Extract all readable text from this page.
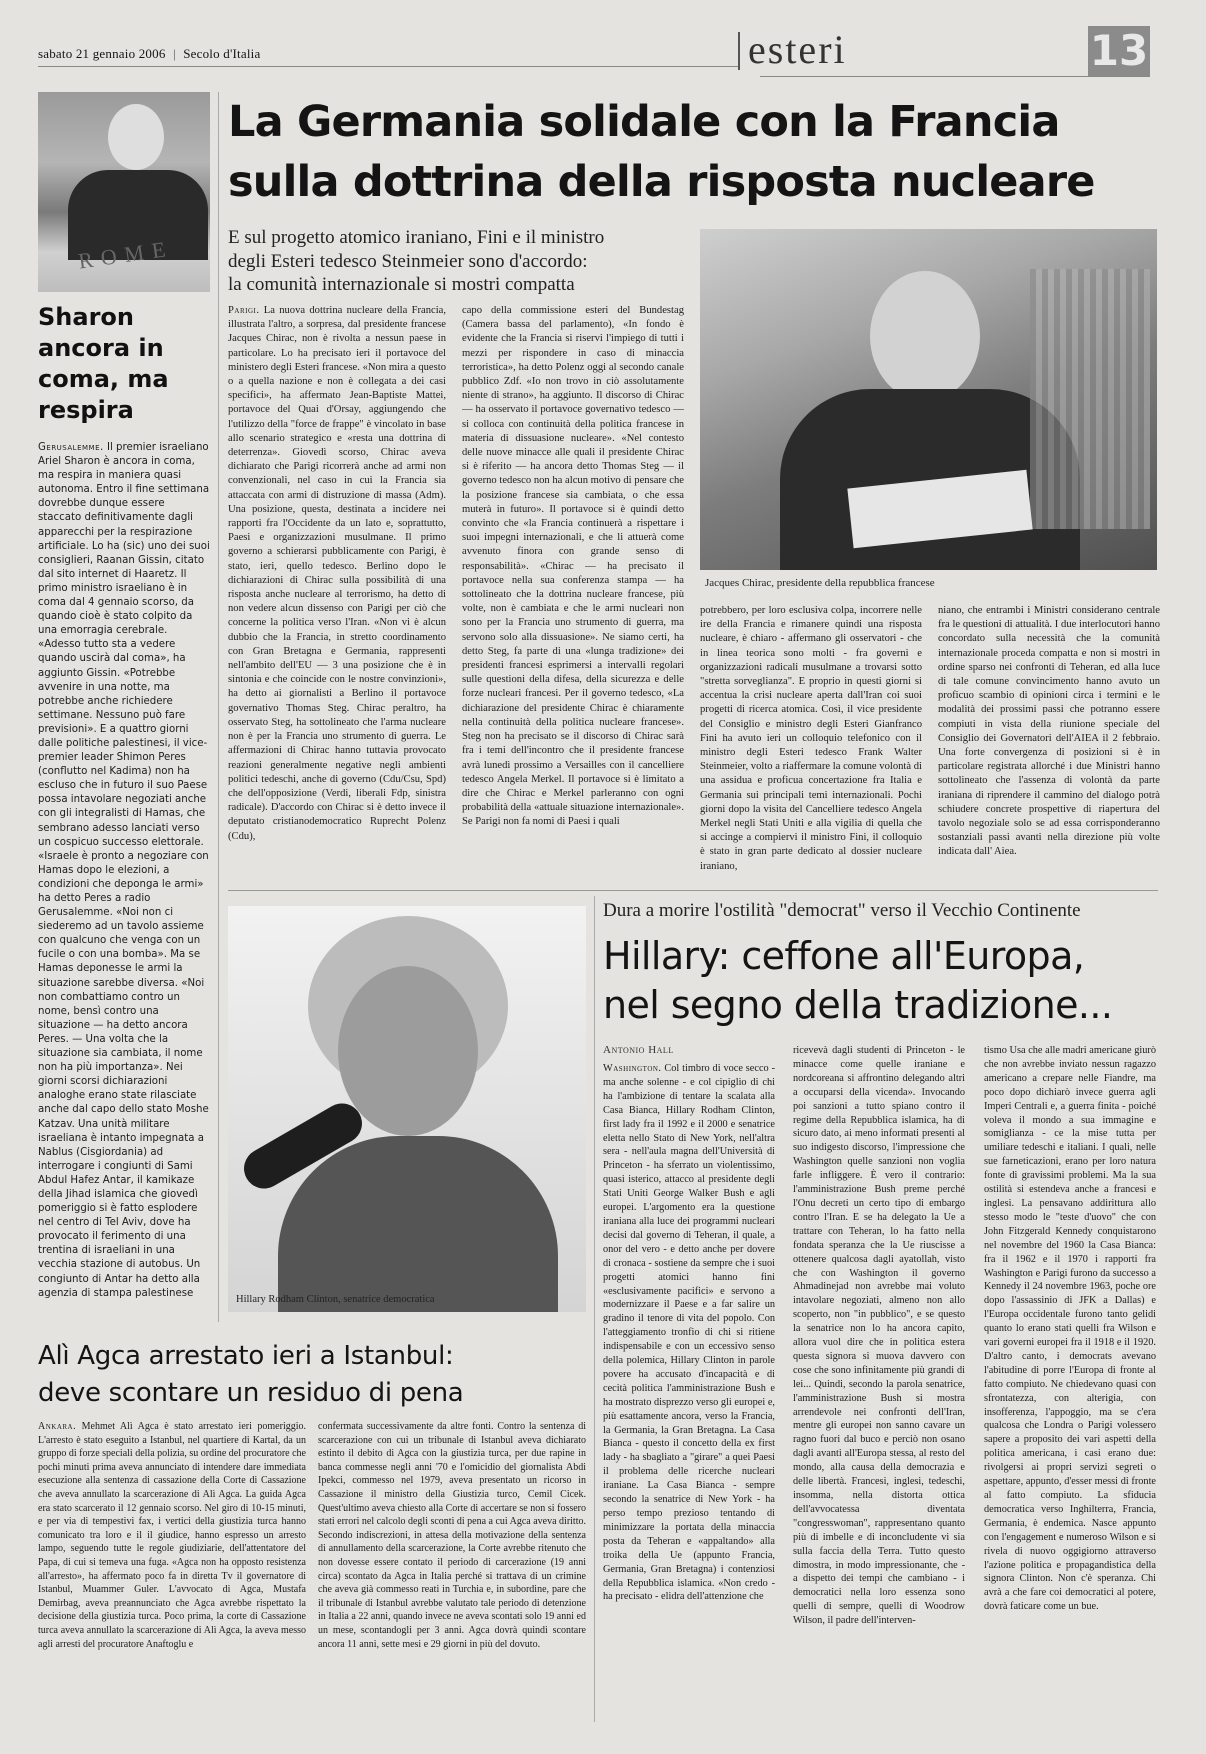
sabato 21 gennaio 2006 | Secolo d'Italia	esteri	13
ROME
Sharon ancora in coma, ma respira

Gerusalemme. Il premier israeliano Ariel Sharon è ancora in coma, ma respira in maniera quasi autonoma. Entro il fine settimana dovrebbe dunque essere staccato definitivamente dagli apparecchi per la respirazione artificiale. Lo ha (sic) uno dei suoi consiglieri, Raanan Gissin, citato dal sito internet di Haaretz. Il primo ministro israeliano è in coma dal 4 gennaio scorso, da quando cioè è stato colpito da una emorragia cerebrale. «Adesso tutto sta a vedere quando uscirà dal coma», ha aggiunto Gissin. «Potrebbe avvenire in una notte, ma potrebbe anche richiedere settimane. Nessuno può fare previsioni». E a quattro giorni dalle politiche palestinesi, il vice-premier leader Shimon Peres (conflutto nel Kadima) non ha escluso che in futuro il suo Paese possa intavolare negoziati anche con gli integralisti di Hamas, che sembrano adesso lanciati verso un cospicuo successo elettorale. «Israele è pronto a negoziare con Hamas dopo le elezioni, a condizioni che deponga le armi» ha detto Peres a radio Gerusalemme. «Noi non ci siederemo ad un tavolo assieme con qualcuno che venga con un fucile o con una bomba». Ma se Hamas deponesse le armi la situazione sarebbe diversa. «Noi non combattiamo contro un nome, bensì contro una situazione — ha detto ancora Peres. — Una volta che la situazione sia cambiata, il nome non ha più importanza». Nei giorni scorsi dichiarazioni analoghe erano state rilasciate anche dal capo dello stato Moshe Katzav. Una unità militare israeliana è intanto impegnata a Nablus (Cisgiordania) ad interrogare i congiunti di Sami Abdul Hafez Antar, il kamikaze della Jihad islamica che giovedì pomeriggio si è fatto esplodere nel centro di Tel Aviv, dove ha provocato il ferimento di una trentina di israeliani in una vecchia stazione di autobus. Un congiunto di Antar ha detto alla agenzia di stampa palestinese

La Germania solidale con la Francia
sulla dottrina della risposta nucleare
E sul progetto atomico iraniano, Fini e il ministro
degli Esteri tedesco Steinmeier sono d'accordo:
la comunità internazionale si mostri compatta
Jacques Chirac, presidente della repubblica francese

Parigi. La nuova dottrina nucleare della Francia, illustrata l'altro, a sorpresa, dal presidente francese Jacques Chirac, non è rivolta a nessun paese in particolare. Lo ha precisato ieri il portavoce del ministero degli Esteri francese. «Non mira a questo o a quella nazione e non è collegata a dei casi specifici», ha affermato Jean-Baptiste Mattei, portavoce del Quai d'Orsay, aggiungendo che l'utilizzo della "force de frappe" è vincolato in base allo scenario strategico e «resta una dottrina di deterrenza». Giovedì scorso, Chirac aveva dichiarato che Parigi ricorrerà anche ad armi non convenzionali, nel caso in cui la Francia sia attaccata con armi di distruzione di massa (Adm). Una posizione, questa, destinata a incidere nei rapporti fra l'Occidente da un lato e, soprattutto, Paesi e organizzazioni musulmane. Il primo governo a schierarsi pubblicamente con Parigi, è stato, ieri, quello tedesco. Berlino dopo le dichiarazioni di Chirac sulla possibilità di una risposta anche nucleare al terrorismo, ha detto di non vedere alcun dissenso con Parigi per ciò che concerne la politica verso l'Iran. «Non vi è alcun dubbio che la Francia, in stretto coordinamento con Gran Bretagna e Germania, rappresenti nell'ambito dell'EU — 3 una posizione che è in sintonia e che coincide con le nostre convinzioni», ha detto ai giornalisti a Berlino il portavoce governativo Thomas Steg. Chirac peraltro, ha osservato Steg, ha sottolineato che l'arma nucleare non è per la Francia uno strumento di guerra. Le affermazioni di Chirac hanno tuttavia provocato reazioni generalmente negative negli ambienti politici tedeschi, anche di governo (Cdu/Csu, Spd) che dell'opposizione (Verdi, liberali Fdp, sinistra radicale). D'accordo con Chirac si è detto invece il deputato cristianodemocratico Ruprecht Polenz (Cdu),

capo della commissione esteri del Bundestag (Camera bassa del parlamento), «In fondo è evidente che la Francia si riservi l'impiego di tutti i mezzi per rispondere in caso di minaccia terroristica», ha detto Polenz oggi al secondo canale pubblico Zdf. «Io non trovo in ciò assolutamente niente di strano», ha aggiunto. Il discorso di Chirac — ha osservato il portavoce governativo tedesco — si colloca con continuità della politica francese in materia di dissuasione nucleare». «Nel contesto delle nuove minacce alle quali il presidente Chirac si è riferito — ha ancora detto Thomas Steg — il governo tedesco non ha alcun motivo di pensare che la posizione francese sia cambiata, o che essa muterà in futuro». Il portavoce si è quindi detto convinto che «la Francia continuerà a rispettare i suoi impegni internazionali, e che li attuerà come avvenuto finora con grande senso di responsabilità». «Chirac — ha precisato il portavoce nella sua conferenza stampa — ha sottolineato che la dottrina nucleare francese, più volte, non è cambiata e che le armi nucleari non sono per la Francia uno strumento di guerra, ma servono solo alla dissuasione». Ne siamo certi, ha detto Steg, fa parte di una «lunga tradizione» dei presidenti francesi esprimersi a intervalli regolari sulle questioni della difesa, della sicurezza e delle forze nucleari francesi. Per il governo tedesco, «La dichiarazione del presidente Chirac è chiaramente nella continuità della politica nucleare francese». Steg non ha precisato se il discorso di Chirac sarà fra i temi dell'incontro che il presidente francese avrà lunedì prossimo a Versailles con il cancelliere tedesco Angela Merkel. Il portavoce si è limitato a dire che Chirac e Merkel parleranno con ogni probabilità della «attuale situazione internazionale». Se Parigi non fa nomi di Paesi i quali

potrebbero, per loro esclusiva colpa, incorrere nelle ire della Francia e rimanere quindi una risposta nucleare, è chiaro - affermano gli osservatori - che in linea teorica sono molti - fra governi e organizzazioni radicali musulmane a trovarsi sotto "stretta sorveglianza". E proprio in questi giorni si accentua la crisi nucleare aperta dall'Iran coi suoi progetti di ricerca atomica. Così, il vice presidente del Consiglio e ministro degli Esteri Gianfranco Fini ha avuto ieri un colloquio telefonico con il ministro degli Esteri tedesco Frank Walter Steinmeier, volto a riaffermare la comune volontà di una assidua e proficua concertazione fra Italia e Germania sui principali temi internazionali. Pochi giorni dopo la visita del Cancelliere tedesco Angela Merkel negli Stati Uniti e alla vigilia di quella che si accinge a compiervi il ministro Fini, il colloquio è stato in gran parte dedicato al dossier nucleare iraniano,

niano, che entrambi i Ministri considerano centrale fra le questioni di attualità. I due interlocutori hanno concordato sulla necessità che la comunità internazionale proceda compatta e non si mostri in ordine sparso nei confronti di Teheran, ed alla luce di tale comune convincimento hanno avuto un proficuo scambio di opinioni circa i termini e le modalità dei prossimi passi che potranno essere compiuti in vista della riunione speciale del Consiglio dei Governatori dell'AIEA il 2 febbraio. Una forte convergenza di posizioni si è in particolare registrata allorché i due Ministri hanno sottolineato che l'assenza di volontà da parte iraniana di riprendere il cammino del dialogo potrà schiudere concrete prospettive di riapertura del tavolo negoziale solo se ad essa corrisponderanno sostanziali passi avanti nella direzione più volte indicata dall' Aiea.

Hillary Rodham Clinton, senatrice democratica
Dura a morire l'ostilità "democrat" verso il Vecchio Continente
Hillary: ceffone all'Europa,
nel segno della tradizione...
Antonio Hall

Washington. Col timbro di voce secco - ma anche solenne - e col cipiglio di chi ha l'ambizione di tentare la scalata alla Casa Bianca, Hillary Rodham Clinton, first lady fra il 1992 e il 2000 e senatrice eletta nello Stato di New York, nell'altra sera - nell'aula magna dell'Università di Princeton - ha sferrato un violentissimo, quasi isterico, attacco al presidente degli Stati Uniti George Walker Bush e agli europei. L'argomento era la questione iraniana alla luce dei programmi nucleari decisi dal governo di Teheran, il quale, a onor del vero - e detto anche per dovere di cronaca - sostiene da sempre che i suoi progetti atomici hanno fini «esclusivamente pacifici» e servono a modernizzare il Paese e a far salire un gradino il tenore di vita del popolo. Con l'atteggiamento tronfio di chi si ritiene indispensabile e con un eccessivo senso della polemica, Hillary Clinton in parole povere ha accusato d'incapacità e di cecità politica l'amministrazione Bush e ha mostrato disprezzo verso gli europei e, più esattamente ancora, verso la Francia, la Germania, la Gran Bretagna. La Casa Bianca - questo il concetto della ex first lady - ha sbagliato a "girare" a quei Paesi il problema delle ricerche nucleari iraniane. La Casa Bianca - sempre secondo la senatrice di New York - ha perso tempo prezioso tentando di minimizzare la portata della minaccia posta da Teheran e «appaltando» alla troika della Ue (appunto Francia, Germania, Gran Bretagna) i contenziosi della Repubblica islamica. «Non credo - ha precisato - elidra dell'attenzione che

ricevevà dagli studenti di Princeton - le minacce come quelle iraniane e nordcoreana si affrontino delegando altri a occuparsi della vicenda». Invocando poi sanzioni a tutto spiano contro il regime della Repubblica islamica, ha di sicuro dato, ai meno informati presenti al suo indigesto discorso, l'impressione che Washington quelle sanzioni non voglia farle infliggere. È vero il contrario: l'amministrazione Bush preme perché l'Onu decreti un certo tipo di embargo contro l'Iran. E se ha delegato la Ue a trattare con Teheran, lo ha fatto nella fondata speranza che la Ue riuscisse a ottenere qualcosa dagli ayatollah, visto che con Washington il governo Ahmadinejad non avrebbe mai voluto intavolare negoziati, almeno non allo scoperto, non "in pubblico", e se questo la senatrice non lo ha ancora capito, allora vuol dire che in politica estera questa signora si muova davvero con cose che sono infinitamente più grandi di lei... Quindi, secondo la parola senatrice, l'amministrazione Bush si mostra arrendevole nei confronti dell'Iran, mentre gli europei non sanno cavare un ragno fuori dal buco e perciò non osano dagli avanti all'Europa stessa, al resto del mondo, alla causa della democrazia e delle libertà. Francesi, inglesi, tedeschi, insomma, nella distorta ottica dell'avvocatessa diventata "congresswoman", rappresentano quanto più di imbelle e di inconcludente vi sia sulla faccia della Terra. Tutto questo dimostra, in modo impressionante, che - a dispetto dei tempi che cambiano - i democratici nella loro essenza sono quelli di sempre, quelli di Woodrow Wilson, il padre dell'interven-

tismo Usa che alle madri americane giurò che non avrebbe inviato nessun ragazzo americano a crepare nelle Fiandre, ma poco dopo dichiarò invece guerra agli Imperi Centrali e, a guerra finita - poiché voleva il mondo a sua immagine e somiglianza - ce la mise tutta per umiliare tedeschi e italiani. I quali, nelle sue farneticazioni, erano per loro natura fonte di gravissimi problemi. Ma la sua ostilità si estendeva anche a francesi e inglesi. La pensavano addirittura allo stesso modo le "teste d'uovo" che con John Fitzgerald Kennedy conquistarono nel novembre del 1960 la Casa Bianca: fra il 1962 e il 1970 i rapporti fra Washington e Parigi furono da successo a Kennedy il 24 novembre 1963, poche ore dopo l'assassinio di JFK a Dallas) e l'Europa occidentale furono tanto gelidi quanto lo erano stati quelli fra Wilson e vari governi europei fra il 1918 e il 1920. D'altro canto, i democrats avevano l'abitudine di porre l'Europa di fronte al fatto compiuto. Ne chiedevano quasi con sfrontatezza, con alterigia, con insofferenza, l'appoggio, ma se c'era qualcosa che Londra o Parigi volessero sapere a proposito dei vari aspetti della politica americana, i casi erano due: rivolgersi ai propri servizi segreti o aspettare, appunto, d'esser messi di fronte al fatto compiuto. La sfiducia democratica verso Inghilterra, Francia, Germania, è endemica. Nasce appunto con l'engagement e numeroso Wilson e si rivela di nuovo oggigiorno attraverso l'azione politica e propagandistica della signora Clinton. Non c'è speranza. Chi avrà a che fare coi democratici al potere, dovrà faticare come un bue.

Alì Agca arrestato ieri a Istanbul:
deve scontare un residuo di pena

Ankara. Mehmet Alì Agca è stato arrestato ieri pomeriggio. L'arresto è stato eseguito a Istanbul, nel quartiere di Kartal, da un gruppo di forze speciali della polizia, su ordine del procuratore che pochi minuti prima aveva annunciato di intendere dare immediata esecuzione alla sentenza di cassazione della Corte di Cassazione che aveva annullato la scarcerazione di Alì Agca. La guida Agca era stato scarcerato il 12 gennaio scorso. Nel giro di 10-15 minuti, e per via di tempestivi fax, i vertici della giustizia turca hanno comunicato tra loro e il il giudice, hanno espresso un arresto lampo, seguendo tutte le regole giudiziarie, dell'attentatore del Papa, di cui si temeva una fuga. «Agca non ha opposto resistenza all'arresto», ha affermato poco fa in diretta Tv il governatore di Istanbul, Muammer Guler. L'avvocato di Agca, Mustafa Demirbag, aveva preannunciato che Agca avrebbe rispettato la decisione della giustizia turca. Poco prima, la corte di Cassazione turca aveva annullato la scarcerazione di Alì Agca, la aveva messo agli arresti del procuratore Anaftoglu e

confermata successivamente da altre fonti. Contro la sentenza di scarcerazione con cui un tribunale di Istanbul aveva dichiarato estinto il debito di Agca con la giustizia turca, per due rapine in banca commesse negli anni '70 e l'omicidio del giornalista Abdi Ipekci, commesso nel 1979, aveva presentato un ricorso in Cassazione il ministro della Giustizia turco, Cemil Cicek. Quest'ultimo aveva chiesto alla Corte di accertare se non si fossero stati errori nel calcolo degli sconti di pena a cui Agca aveva diritto. Secondo indiscrezioni, in attesa della motivazione della sentenza di annullamento della scarcerazione, la Corte avrebbe ritenuto che non dovesse essere contato il periodo di carcerazione (19 anni circa) scontato da Agca in Italia perché si trattava di un crimine che aveva già commesso reati in Turchia e, in subordine, pare che il tribunale di Istanbul avrebbe valutato tale periodo di detenzione in Italia a 22 anni, quando invece ne aveva scontati solo 19 anni ed un mese, scontandogli per 3 anni. Agca dovrà quindi scontare ancora 11 anni, sette mesi e 29 giorni in più del dovuto.
